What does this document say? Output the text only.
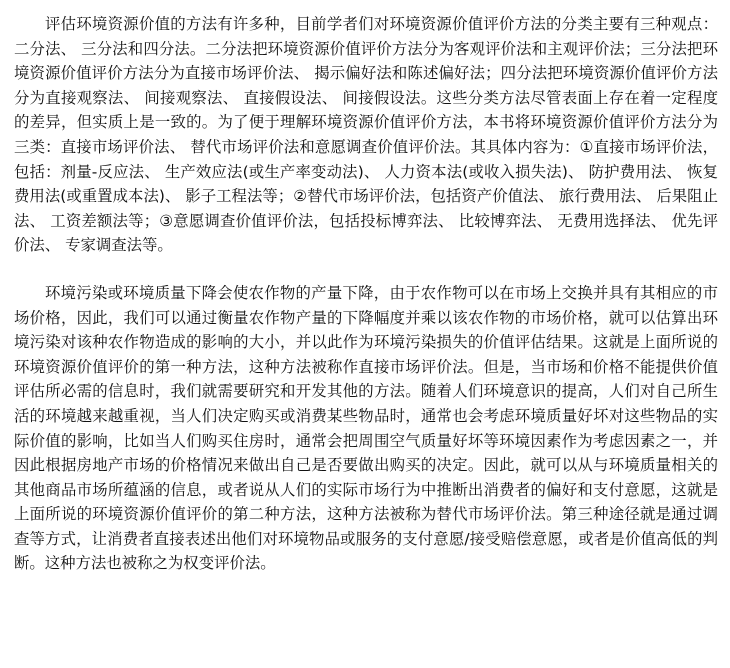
评估环境资源价值的方法有许多种，目前学者们对环境资源价值评价方法的分类主要有三种观点：二分法、 三分法和四分法。二分法把环境资源价值评价方法分为客观评价法和主观评价法；三分法把环境资源价值评价方法分为直接市场评价法、 揭示偏好法和陈述偏好法；四分法把环境资源价值评价方法分为直接观察法、 间接观察法、 直接假设法、 间接假设法。这些分类方法尽管表面上存在着一定程度的差异，但实质上是一致的。为了便于理解环境资源价值评价方法，本书将环境资源价值评价方法分为三类：直接市场评价法、 替代市场评价法和意愿调查价值评价法。其具体内容为：①直接市场评价法，包括：剂量-反应法、 生产效应法(或生产率变动法)、 人力资本法(或收入损失法)、 防护费用法、 恢复费用法(或重置成本法)、 影子工程法等；②替代市场评价法，包括资产价值法、 旅行费用法、 后果阻止法、 工资差额法等；③意愿调查价值评价法，包括投标博弈法、 比较博弈法、 无费用选择法、 优先评价法、 专家调查法等。

环境污染或环境质量下降会使农作物的产量下降，由于农作物可以在市场上交换并具有其相应的市场价格，因此，我们可以通过衡量农作物产量的下降幅度并乘以该农作物的市场价格，就可以估算出环境污染对该种农作物造成的影响的大小，并以此作为环境污染损失的价值评估结果。这就是上面所说的环境资源价值评价的第一种方法，这种方法被称作直接市场评价法。但是，当市场和价格不能提供价值评估所必需的信息时，我们就需要研究和开发其他的方法。随着人们环境意识的提高，人们对自己所生活的环境越来越重视，当人们决定购买或消费某些物品时，通常也会考虑环境质量好坏对这些物品的实际价值的影响，比如当人们购买住房时，通常会把周围空气质量好坏等环境因素作为考虑因素之一，并因此根据房地产市场的价格情况来做出自己是否要做出购买的决定。因此，就可以从与环境质量相关的其他商品市场所蕴涵的信息，或者说从人们的实际市场行为中推断出消费者的偏好和支付意愿，这就是上面所说的环境资源价值评价的第二种方法，这种方法被称为替代市场评价法。第三种途径就是通过调查等方式，让消费者直接表述出他们对环境物品或服务的支付意愿/接受赔偿意愿，或者是价值高低的判断。这种方法也被称之为权变评价法。
